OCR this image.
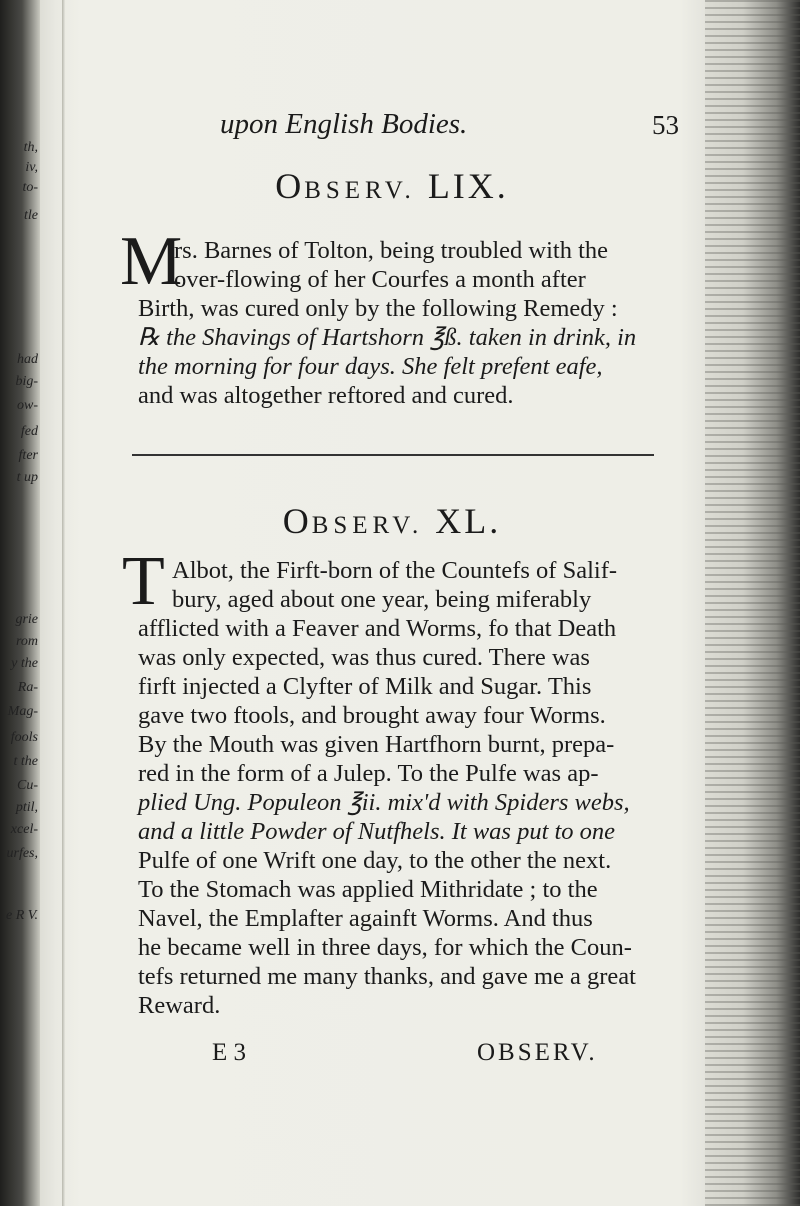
th,
iv,
to-
tle
had
big-
ow-
fed
fter
t up
grie
rom
y the
Ra-
Mag-
fools
t the
Cu-
ptil,
xcel-
urfes,
e R V.
upon English Bodies.	53
OBSERV. LIX.
M
rs. Barnes of Tolton, being troubled with the
over-flowing of her Courfes a month after
Birth, was cured only by the following Remedy :
℞ the Shavings of Hartshorn ℥ß. taken in drink, in
the morning for four days. She felt prefent eafe,
and was altogether reftored and cured.
OBSERV. XL.
T Albot, the Firft-born of the Countefs of Salif-
bury, aged about one year, being miferably
afflicted with a Feaver and Worms, fo that Death
was only expected, was thus cured. There was
firft injected a Clyfter of Milk and Sugar. This
gave two ftools, and brought away four Worms.
By the Mouth was given Hartfhorn burnt, prepa-
red in the form of a Julep. To the Pulfe was ap-
plied Ung. Populeon ℥ii. mix'd with Spiders webs,
and a little Powder of Nutfhels. It was put to one
Pulfe of one Wrift one day, to the other the next.
To the Stomach was applied Mithridate ; to the
Navel, the Emplafter againft Worms. And thus
he became well in three days, for which the Coun-
tefs returned me many thanks, and gave me a great
Reward.
E 3	OBSERV.
